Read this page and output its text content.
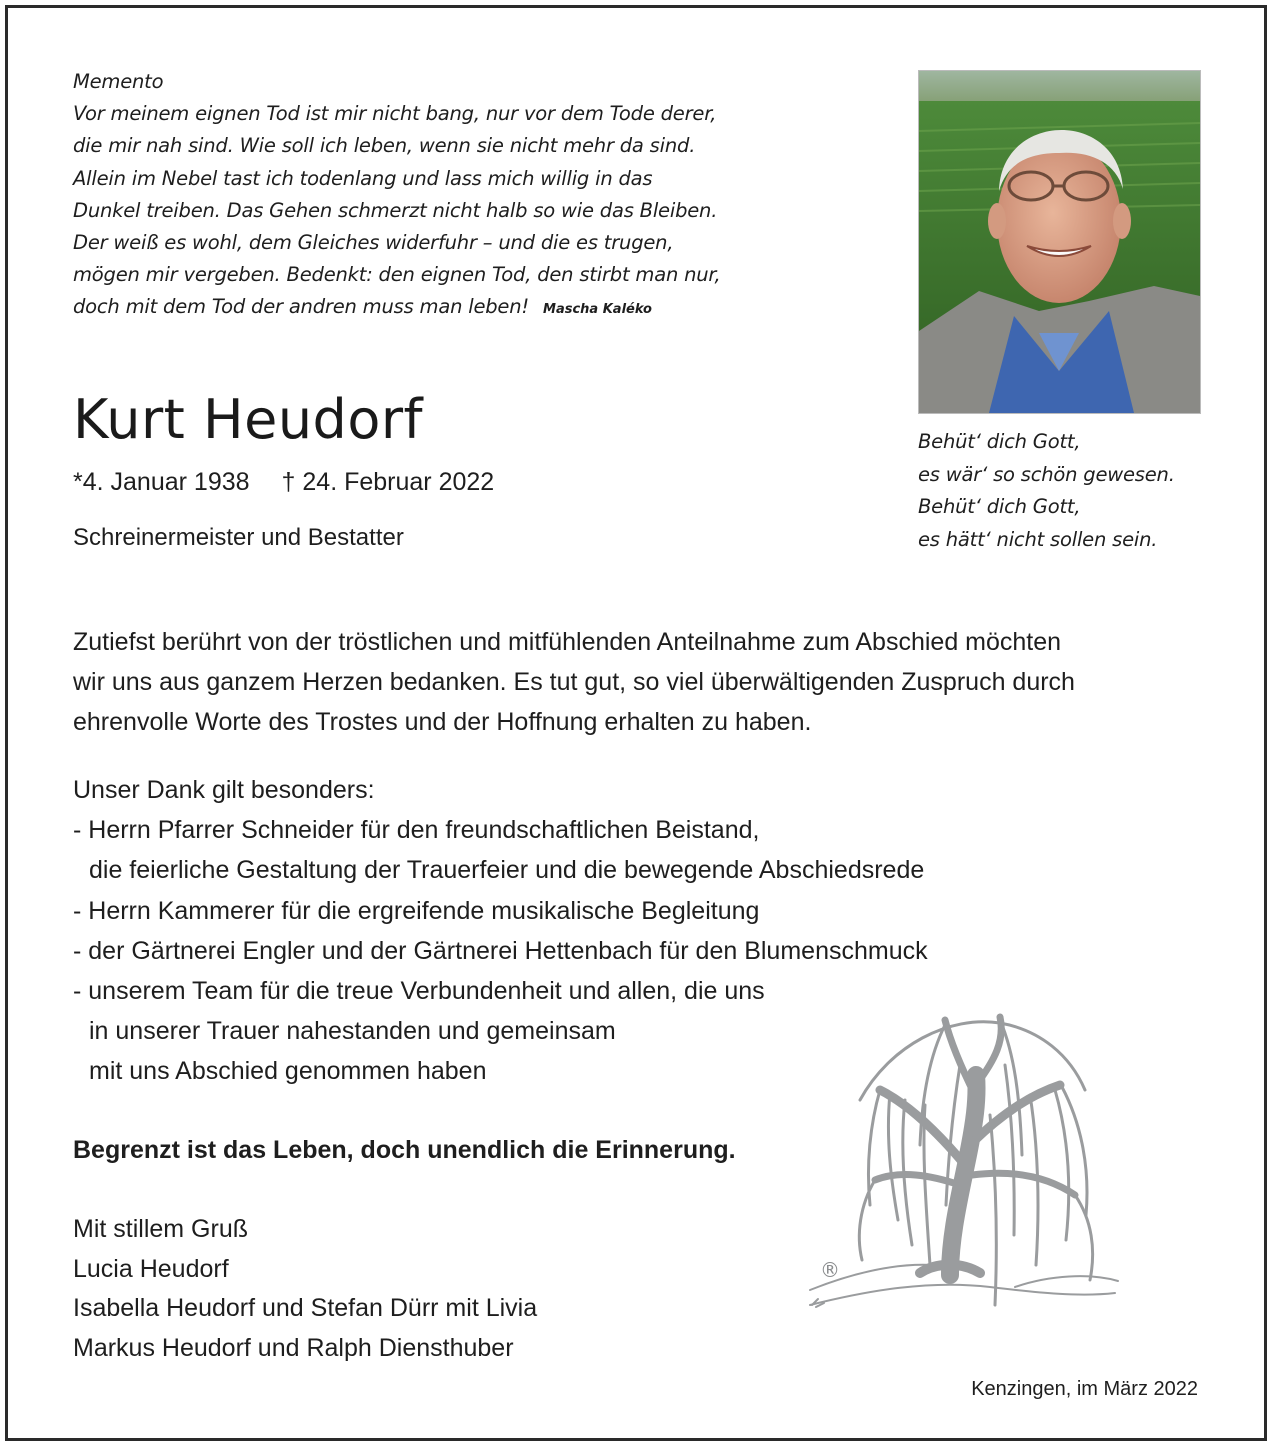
Memento
Vor meinem eignen Tod ist mir nicht bang, nur vor dem Tode derer,
die mir nah sind. Wie soll ich leben, wenn sie nicht mehr da sind.
Allein im Nebel tast ich todenlang und lass mich willig in das
Dunkel treiben. Das Gehen schmerzt nicht halb so wie das Bleiben.
Der weiß es wohl, dem Gleiches widerfuhr – und die es trugen,
mögen mir vergeben. Bedenkt: den eignen Tod, den stirbt man nur,
doch mit dem Tod der andren muss man leben! Mascha Kaléko
Kurt Heudorf
*4. Januar 1938 † 24. Februar 2022
Schreinermeister und Bestatter
Behüt‘ dich Gott,
es wär‘ so schön gewesen.
Behüt‘ dich Gott,
es hätt‘ nicht sollen sein.
Zutiefst berührt von der tröstlichen und mitfühlenden Anteilnahme zum Abschied möchten
wir uns aus ganzem Herzen bedanken. Es tut gut, so viel überwältigenden Zuspruch durch
ehrenvolle Worte des Trostes und der Hoffnung erhalten zu haben.
Unser Dank gilt besonders:
- Herrn Pfarrer Schneider für den freundschaftlichen Beistand,
die feierliche Gestaltung der Trauerfeier und die bewegende Abschiedsrede
- Herrn Kammerer für die ergreifende musikalische Begleitung
- der Gärtnerei Engler und der Gärtnerei Hettenbach für den Blumenschmuck
- unserem Team für die treue Verbundenheit und allen, die uns
in unserer Trauer nahestanden und gemeinsam
mit uns Abschied genommen haben
Begrenzt ist das Leben, doch unendlich die Erinnerung.
Mit stillem Gruß
Lucia Heudorf
Isabella Heudorf und Stefan Dürr mit Livia
Markus Heudorf und Ralph Diensthuber
®
Kenzingen, im März 2022
